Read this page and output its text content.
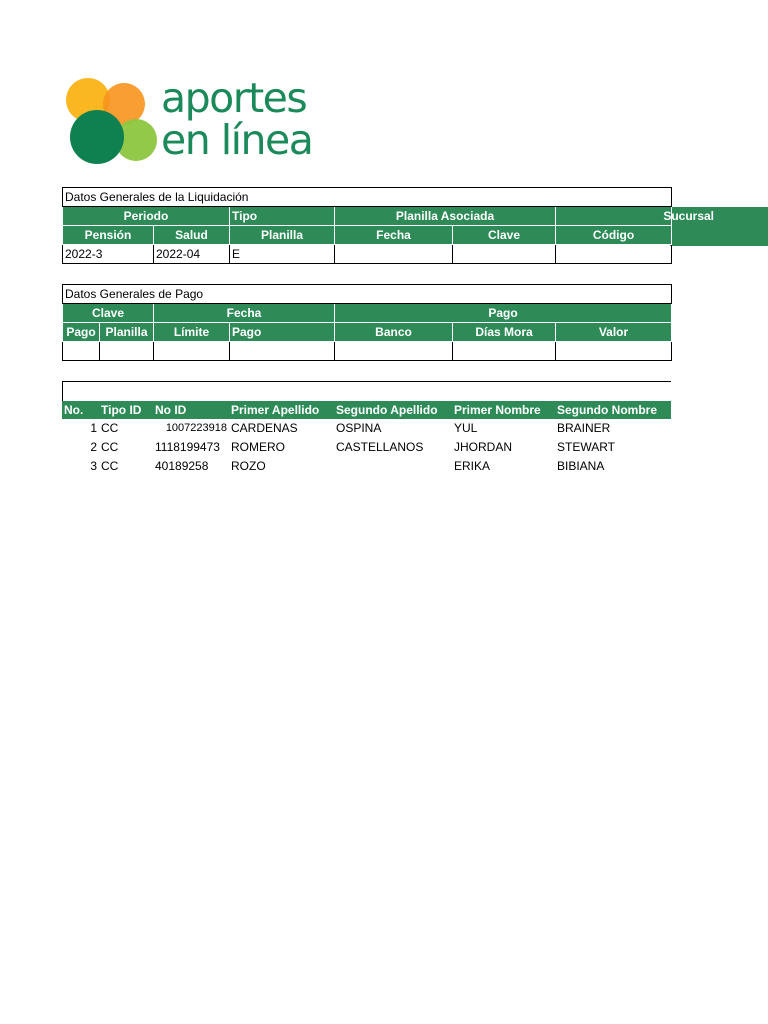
aportes
en línea
Datos Generales de la Liquidación					
Periodo		Tipo	Planilla Asociada		Sucursal
Pensión	Salud	Planilla	Fecha	Clave	Código
2022-3	2022-04	E			
Datos Generales de Pago						
Clave		Fecha		Pago		
Pago	Planilla	Límite	Pago	Banco	Días Mora	Valor

No.	Tipo ID	No ID	Primer Apellido	Segundo Apellido	Primer Nombre	Segundo Nombre
1	CC	1007223918	CARDENAS	OSPINA	YUL	BRAINER
2	CC	1118199473	ROMERO	CASTELLANOS	JHORDAN	STEWART
3	CC	40189258	ROZO		ERIKA	BIBIANA
